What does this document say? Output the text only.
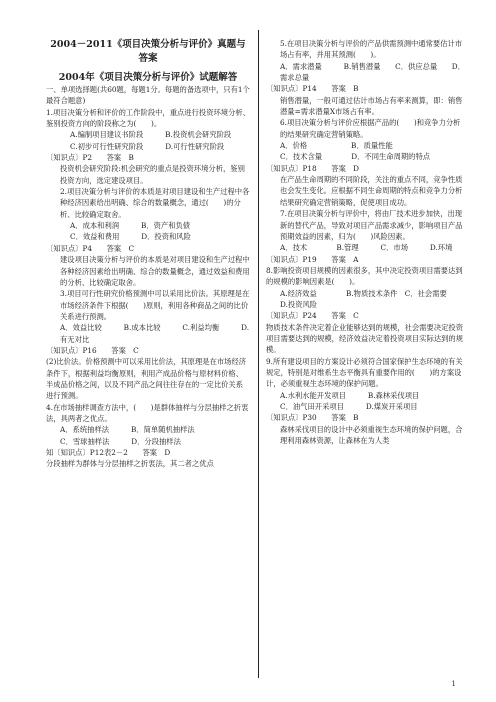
2004－2011《项目决策分析与评价》真题与答案
2004年《项目决策分析与评价》试题解答

一、单项选择题(共60题，每题1分。每题的备选项中，只有1个最符合题意)

1.项目决策分析和评价的工作阶段中，重点进行投资环境分析、鉴别投资方向的阶段称之为(　　)。

A.编制项目建议书阶段　　　B.投资机会研究阶段

C.初步可行性研究阶段　　　D.可行性研究阶段

〔知识点〕P2　　答案　B

投资机会研究阶段:机会研究的重点是投资环境分析，鉴别投资方向，选定建设项目。

2.项目决策分析与评价的本质是对项目建设和生产过程中各种经济因素给出明确、综合的数量概念，通过(　　)的分析、比较确定取舍。

A．成本和利润　　　B．资产和负债

C．效益和费用　　　D．投资和风险

〔知识点〕P4　　答案　C

建设项目决策分析与评价的本质是对项目建设和生产过程中各种经济因素给出明确、综合的数量概念，通过效益和费用的分析、比较确定取舍。

3.项目可行性研究价格预测中可以采用比价法。其原理是在市场经济条件下根据(　　)原则，利用各种商品之间的比价关系进行预测。

A．效益比较　　　B.成本比较　　　C.利益均衡　　　D.有无对比

〔知识点〕P16　　答案　C

(2)比价法。价格预测中可以采用比价法，其原理是在市场经济条件下，根据利益均衡原则，利用产成品价格与原材料价格、半成品价格之间，以及不同产品之间往往存在的一定比价关系进行预测。

4.在市场抽样调查方法中，(　　)是群体抽样与分层抽样之折衷法，具两者之优点。

A．系统抽样法　　　B．简单随机抽样法

C．雪球抽样法　　　D．分段抽样法

知〔知识点〕P12表2－2　　答案　D

分段抽样为群体与分层抽样之折衷法，其二者之优点

5.在项目决策分析与评价的产品供需预测中通常要估计市场占有率，并用其预测(　　)。

A．需求潜量　　　B.销售潜量　　C．供应总量　　D．需求总量

〔知识点〕P14　　答案　B

销售潜量，一般可通过估计市场占有率来测算，即：销售潜量=需求潜量X市场占有率。

6.项目决策分析与评价应根据产品的(　　)和竞争力分析的结果研究确定营销策略。

A．价格　　　　　　B．质量性能

C．技术含量　　　　D．不同生命周期的特点

〔知识点〕P18　　答案　D

在产品生命周期的不同阶段，关注的重点不同，竞争性质也会发生变化。应根据不同生命周期的特点和竞争力分析结果研究确定营销策略，促使项目成功。

7.在项目决策分析与评价中，将由厂技术进步加快，出现新的替代产品，导致对项目产品需求减少，影响项目产品预期效益的因素，归为(　　)风险因素。

A．技术　　　　B.管理　　　C．市场　　　D.环境

〔知识点〕P19　　答案　A

8.影响投资项目规模的因素很多，其中决定投资项目需要达到的规模的影响因素是(　　)。

A.经济效益　　　　B.物质技术条件　C．社会需要　　　　D.投资风险

〔知识点〕P24　　答案　C

物质技术条件决定着企业能够达到的规模，社会需要决定投资项目需要达到的规模，经济效益决定着投资项目实际达到的规模。

9.所有建设项目的方案设计必须符合国家保护生态环境的有关规定，特别是对维系生态平衡具有重要作用的(　　)的方案设计，必须重视生态环境的保护问题。

A.水利水能开发项目　　　B.森林采伐项目

C．油气田开采项目　　　D.煤炭开采项目

〔知识点〕P30　　答案　B

森林采伐项目的设计中必须重视生态环境的保护问题，合理利用森林资源，让森林在为人类

1
